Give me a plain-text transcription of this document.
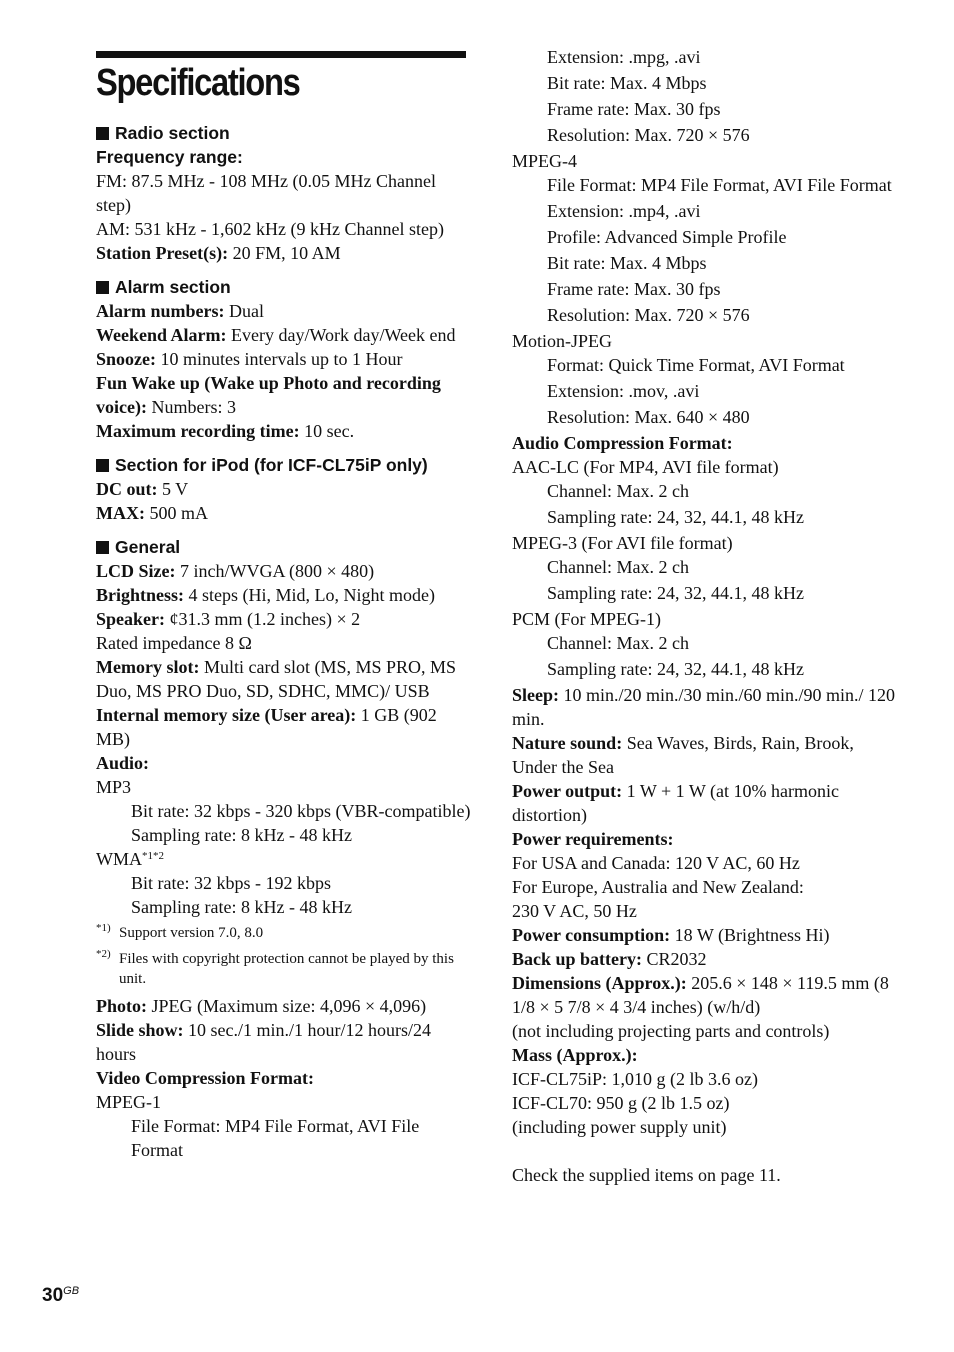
Specifications
Radio section

Frequency range:

FM: 87.5 MHz - 108 MHz (0.05 MHz Channel step)

AM: 531 kHz - 1,602 kHz (9 kHz Channel step)

Station Preset(s): 20 FM, 10 AM

Alarm section

Alarm numbers: Dual

Weekend Alarm: Every day/Work day/Week end

Snooze: 10 minutes intervals up to 1 Hour

Fun Wake up (Wake up Photo and recording voice): Numbers: 3

Maximum recording time: 10 sec.

Section for iPod (for ICF-CL75iP only)

DC out: 5 V

MAX: 500 mA

General

LCD Size: 7 inch/WVGA (800 × 480)

Brightness: 4 steps (Hi, Mid, Lo, Night mode)

Speaker: ¢31.3 mm (1.2 inches) × 2

Rated impedance 8 Ω

Memory slot: Multi card slot (MS, MS PRO, MS Duo, MS PRO Duo, SD, SDHC, MMC)/ USB

Internal memory size (User area): 1 GB (902 MB)

Audio:

MP3

Bit rate: 32 kbps - 320 kbps (VBR-compatible)

Sampling rate: 8 kHz - 48 kHz

$WMA^{*1*2}$

Bit rate: 32 kbps - 192 kbps

Sampling rate: 8 kHz - 48 kHz

*1) Support version 7.0, 8.0

*2) Files with copyright protection cannot be played by this unit.

Photo: JPEG (Maximum size: 4,096 × 4,096)

Slide show: 10 sec./1 min./1 hour/12 hours/24 hours

Video Compression Format:

MPEG-1

File Format: MP4 File Format, AVI File Format

Extension: .mpg, .avi

Bit rate: Max. 4 Mbps

Frame rate: Max. 30 fps

Resolution: Max. 720 × 576

MPEG-4

File Format: MP4 File Format, AVI File Format

Extension: .mp4, .avi

Profile: Advanced Simple Profile

Bit rate: Max. 4 Mbps

Frame rate: Max. 30 fps

Resolution: Max. 720 × 576

Motion-JPEG

Format: Quick Time Format, AVI Format

Extension: .mov, .avi

Resolution: Max. 640 × 480

Audio Compression Format:

AAC-LC (For MP4, AVI file format)

Channel: Max. 2 ch

Sampling rate: 24, 32, 44.1, 48 kHz

MPEG-3 (For AVI file format)

Channel: Max. 2 ch

Sampling rate: 24, 32, 44.1, 48 kHz

PCM (For MPEG-1)

Channel: Max. 2 ch

Sampling rate: 24, 32, 44.1, 48 kHz

Sleep: 10 min./20 min./30 min./60 min./90 min./ 120 min.

Nature sound: Sea Waves, Birds, Rain, Brook, Under the Sea

Power output: 1 W + 1 W (at 10% harmonic distortion)

Power requirements:

For USA and Canada: 120 V AC, 60 Hz

For Europe, Australia and New Zealand:

230 V AC, 50 Hz

Power consumption: 18 W (Brightness Hi)

Back up battery: CR2032

Dimensions (Approx.): 205.6 × 148 × 119.5 mm (8 1/8 × 5 7/8 × 4 3/4 inches) (w/h/d)

(not including projecting parts and controls)

Mass (Approx.):

ICF-CL75iP: 1,010 g (2 lb 3.6 oz)

ICF-CL70: 950 g (2 lb 1.5 oz)

(including power supply unit)

Check the supplied items on page 11.

$30^{GB}$
